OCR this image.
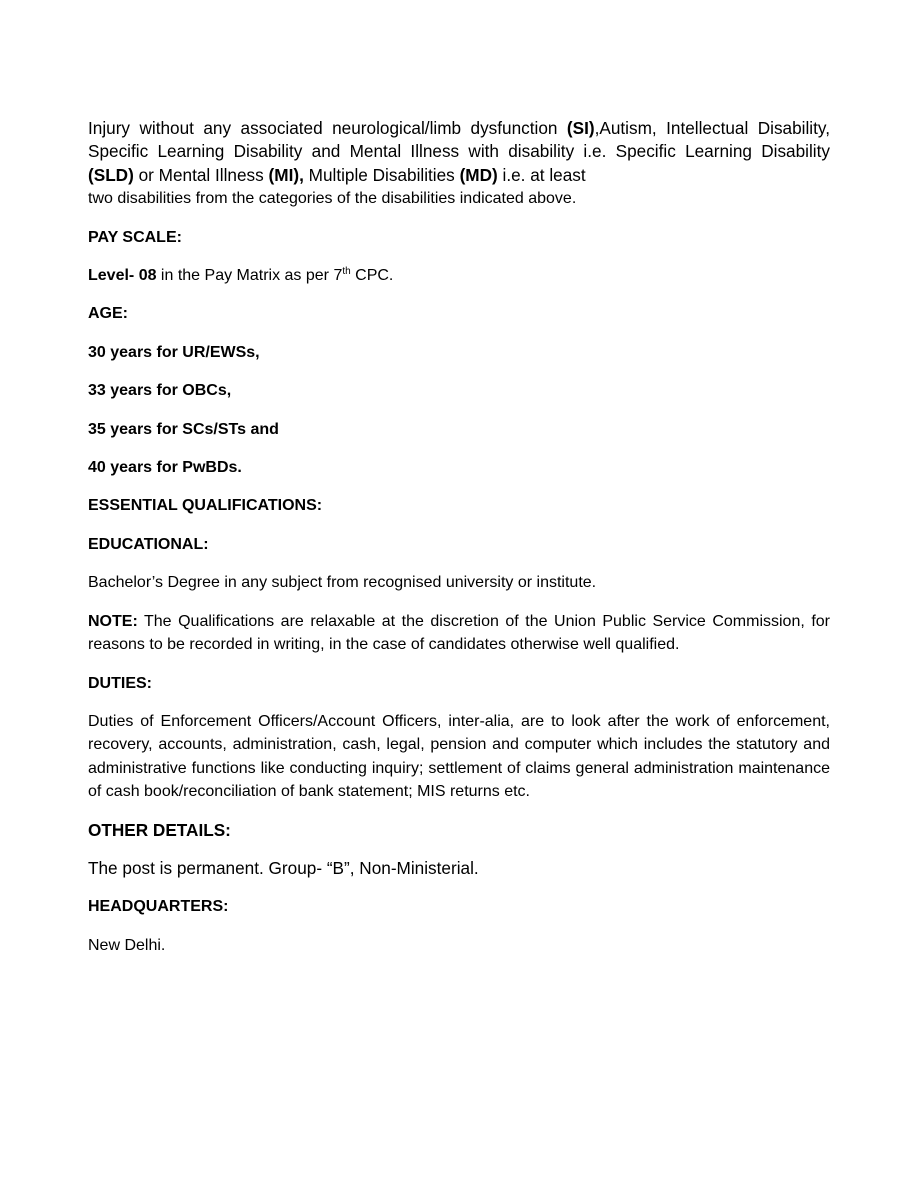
Injury without any associated neurological/limb dysfunction (SI),Autism, Intellectual Disability, Specific Learning Disability and Mental Illness with disability i.e. Specific Learning Disability (SLD) or Mental Illness (MI), Multiple Disabilities (MD) i.e. at least
two disabilities from the categories of the disabilities indicated above.
PAY SCALE:
Level- 08 in the Pay Matrix as per 7th CPC.
AGE:
30 years for UR/EWSs,
33 years for OBCs,
35 years for SCs/STs and
40 years for PwBDs.
ESSENTIAL QUALIFICATIONS:
EDUCATIONAL:
Bachelor’s Degree in any subject from recognised university or institute.
NOTE: The Qualifications are relaxable at the discretion of the Union Public Service Commission, for reasons to be recorded in writing, in the case of candidates otherwise well qualified.
DUTIES:
Duties of Enforcement Officers/Account Officers, inter-alia, are to look after the work of enforcement, recovery, accounts, administration, cash, legal, pension and computer which includes the statutory and administrative functions like conducting inquiry; settlement of claims general administration maintenance of cash book/reconciliation of bank statement; MIS returns etc.
OTHER DETAILS:
The post is permanent. Group- “B”, Non-Ministerial.
HEADQUARTERS:
New Delhi.
